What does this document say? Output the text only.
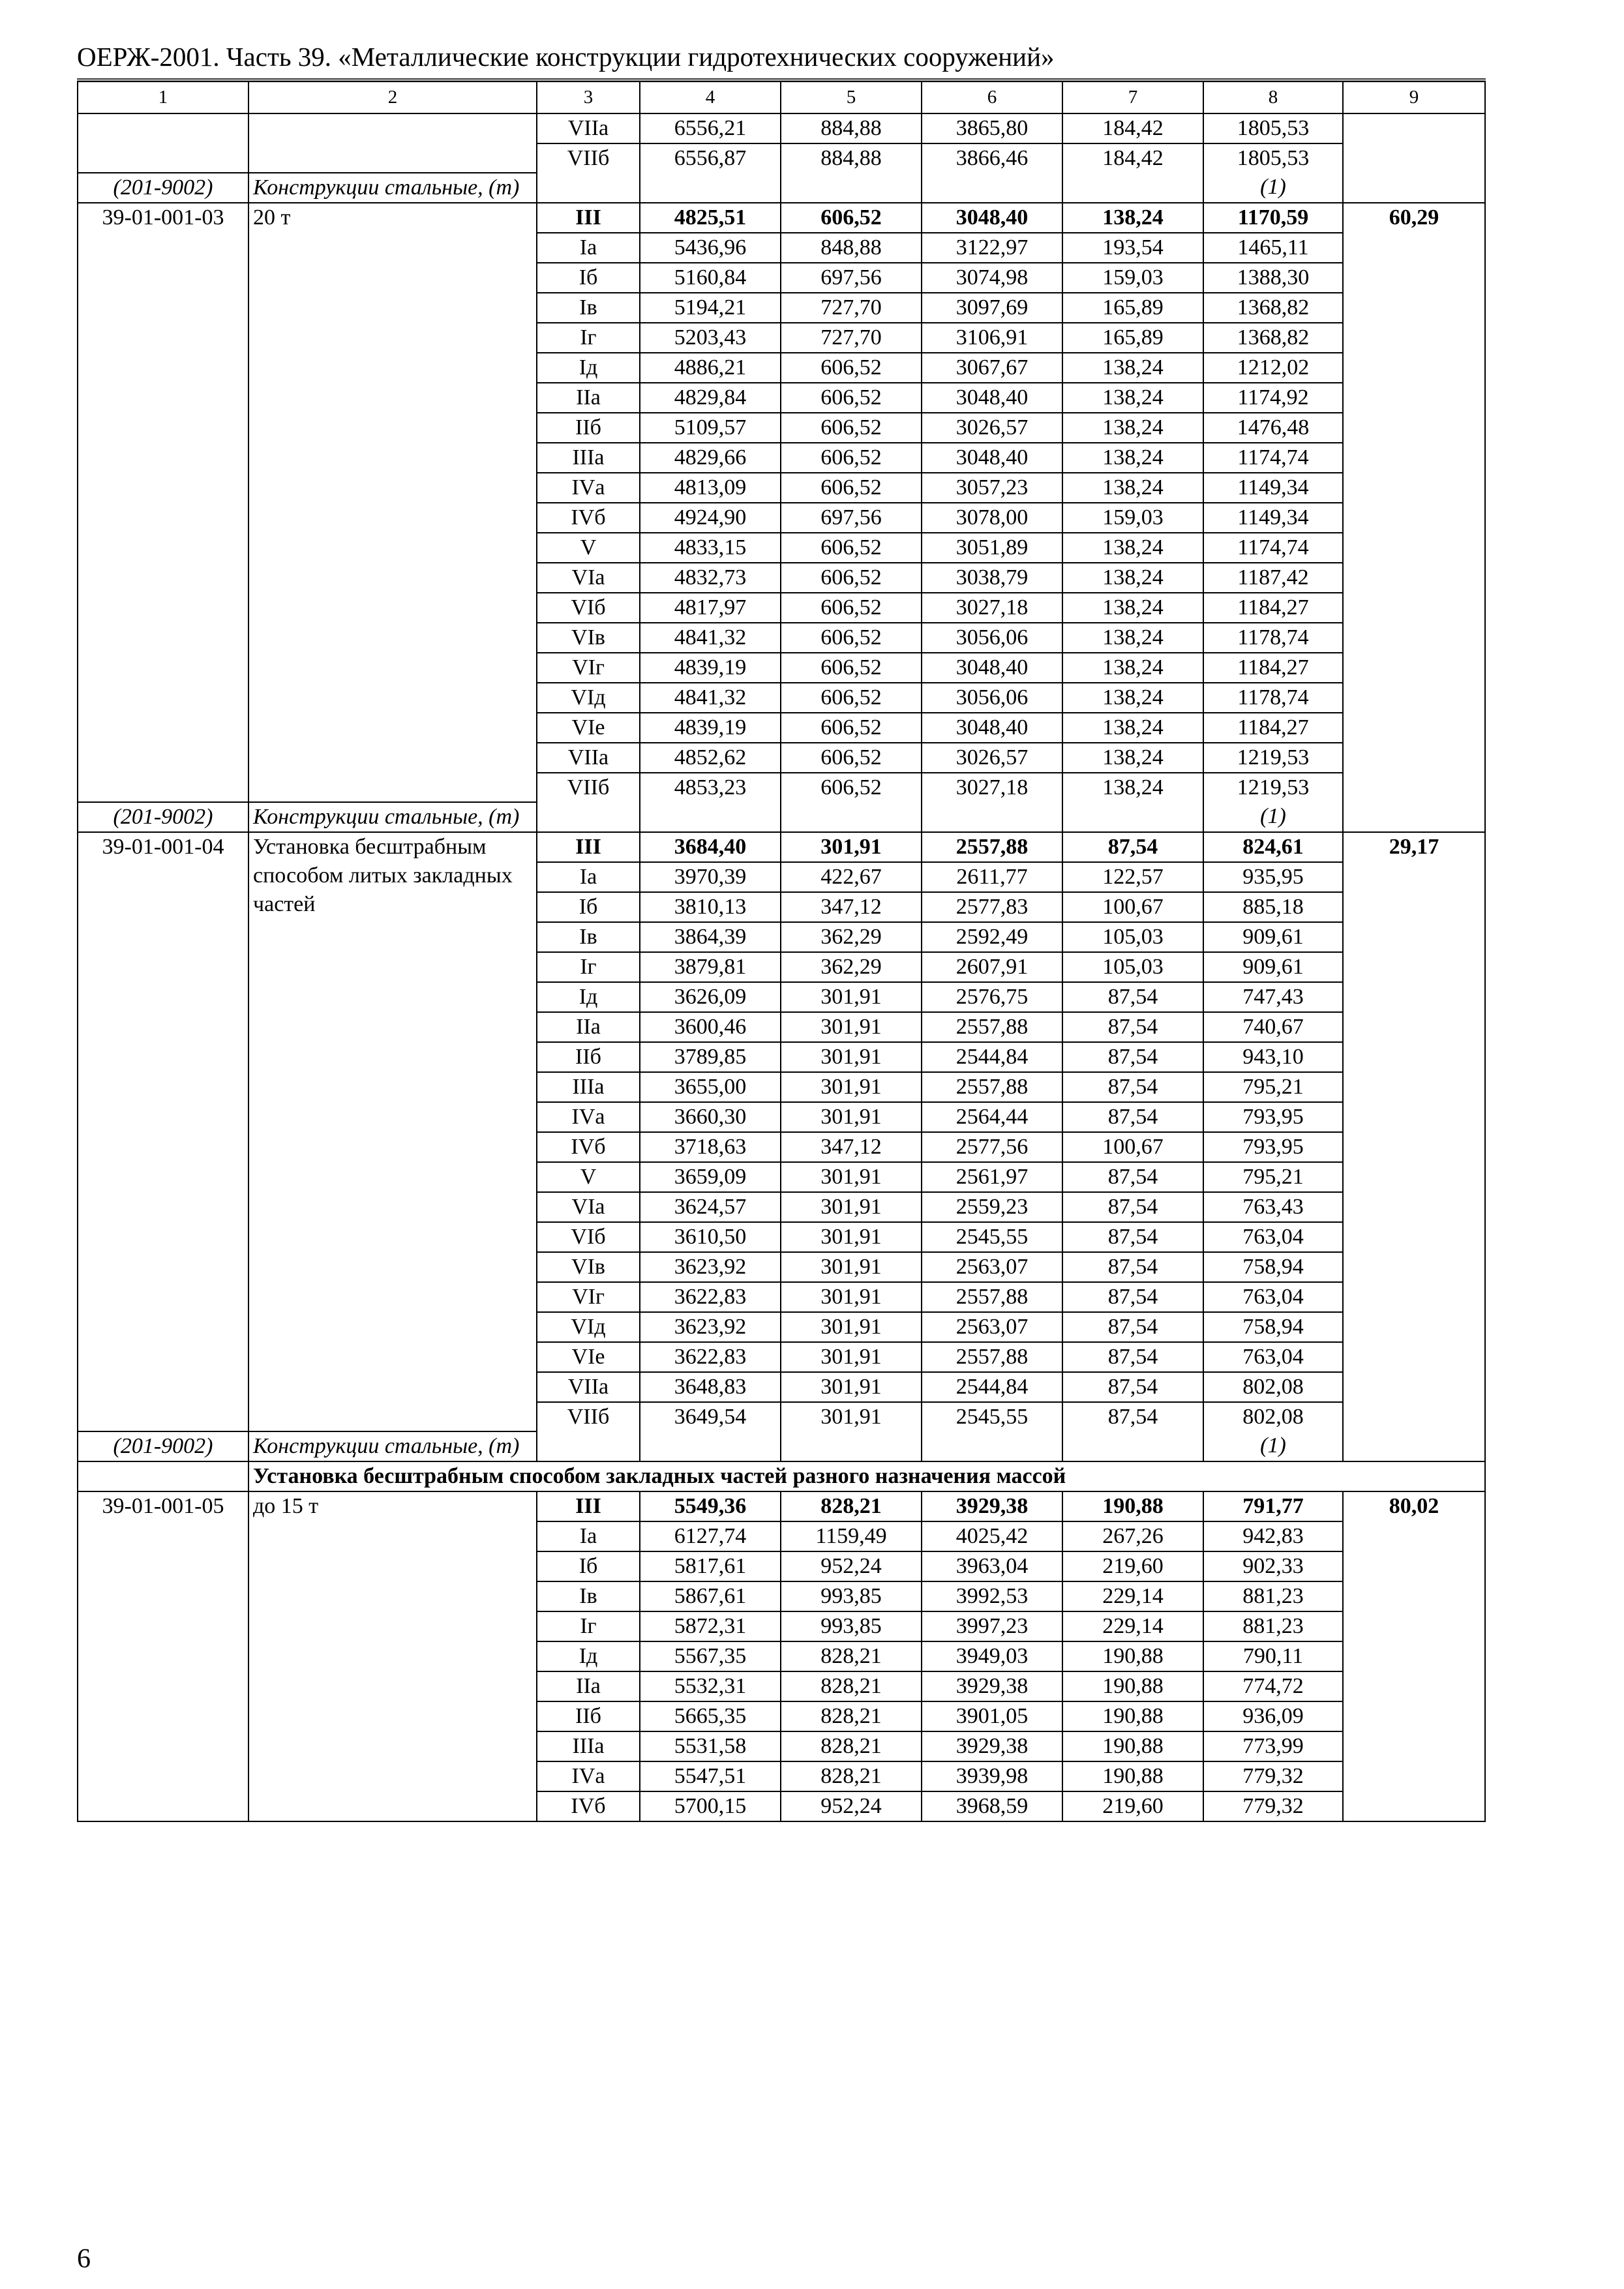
ОЕРЖ-2001. Часть 39. «Металлические конструкции гидротехнических сооружений»
1	2	3	4	5	6	7	8	9
		VIIа	6556,21	884,88	3865,80	184,42	1805,53	
		VIIб	6556,87	884,88	3866,46	184,42	1805,53	
(201-9002)	Конструкции стальные, (т)						(1)	
39-01-001-03	20 т	III	4825,51	606,52	3048,40	138,24	1170,59	60,29
		Iа	5436,96	848,88	3122,97	193,54	1465,11	
		Iб	5160,84	697,56	3074,98	159,03	1388,30	
		Iв	5194,21	727,70	3097,69	165,89	1368,82	
		Iг	5203,43	727,70	3106,91	165,89	1368,82	
		Iд	4886,21	606,52	3067,67	138,24	1212,02	
		IIа	4829,84	606,52	3048,40	138,24	1174,92	
		IIб	5109,57	606,52	3026,57	138,24	1476,48	
		IIIа	4829,66	606,52	3048,40	138,24	1174,74	
		IVа	4813,09	606,52	3057,23	138,24	1149,34	
		IVб	4924,90	697,56	3078,00	159,03	1149,34	
		V	4833,15	606,52	3051,89	138,24	1174,74	
		VIа	4832,73	606,52	3038,79	138,24	1187,42	
		VIб	4817,97	606,52	3027,18	138,24	1184,27	
		VIв	4841,32	606,52	3056,06	138,24	1178,74	
		VIг	4839,19	606,52	3048,40	138,24	1184,27	
		VIд	4841,32	606,52	3056,06	138,24	1178,74	
		VIе	4839,19	606,52	3048,40	138,24	1184,27	
		VIIа	4852,62	606,52	3026,57	138,24	1219,53	
		VIIб	4853,23	606,52	3027,18	138,24	1219,53	
(201-9002)	Конструкции стальные, (т)						(1)	
39-01-001-04	Установка бесштрабным способом литых закладных частей	III	3684,40	301,91	2557,88	87,54	824,61	29,17
		Iа	3970,39	422,67	2611,77	122,57	935,95	
		Iб	3810,13	347,12	2577,83	100,67	885,18	
		Iв	3864,39	362,29	2592,49	105,03	909,61	
		Iг	3879,81	362,29	2607,91	105,03	909,61	
		Iд	3626,09	301,91	2576,75	87,54	747,43	
		IIа	3600,46	301,91	2557,88	87,54	740,67	
		IIб	3789,85	301,91	2544,84	87,54	943,10	
		IIIа	3655,00	301,91	2557,88	87,54	795,21	
		IVа	3660,30	301,91	2564,44	87,54	793,95	
		IVб	3718,63	347,12	2577,56	100,67	793,95	
		V	3659,09	301,91	2561,97	87,54	795,21	
		VIа	3624,57	301,91	2559,23	87,54	763,43	
		VIб	3610,50	301,91	2545,55	87,54	763,04	
		VIв	3623,92	301,91	2563,07	87,54	758,94	
		VIг	3622,83	301,91	2557,88	87,54	763,04	
		VIд	3623,92	301,91	2563,07	87,54	758,94	
		VIе	3622,83	301,91	2557,88	87,54	763,04	
		VIIа	3648,83	301,91	2544,84	87,54	802,08	
		VIIб	3649,54	301,91	2545,55	87,54	802,08	
(201-9002)	Конструкции стальные, (т)						(1)	
	Установка бесштрабным способом закладных частей разного назначения массой							
39-01-001-05	до 15 т	III	5549,36	828,21	3929,38	190,88	791,77	80,02
		Iа	6127,74	1159,49	4025,42	267,26	942,83	
		Iб	5817,61	952,24	3963,04	219,60	902,33	
		Iв	5867,61	993,85	3992,53	229,14	881,23	
		Iг	5872,31	993,85	3997,23	229,14	881,23	
		Iд	5567,35	828,21	3949,03	190,88	790,11	
		IIа	5532,31	828,21	3929,38	190,88	774,72	
		IIб	5665,35	828,21	3901,05	190,88	936,09	
		IIIа	5531,58	828,21	3929,38	190,88	773,99	
		IVа	5547,51	828,21	3939,98	190,88	779,32	
		IVб	5700,15	952,24	3968,59	219,60	779,32	
6
